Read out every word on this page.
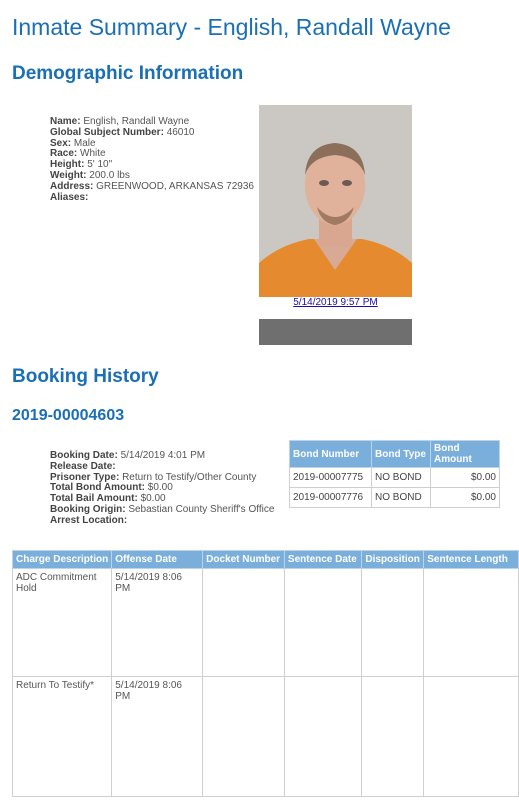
Inmate Summary - English, Randall Wayne
Demographic Information
Name: English, Randall Wayne
Global Subject Number: 46010
Sex: Male
Race: White
Height: 5' 10"
Weight: 200.0 lbs
Address: GREENWOOD, ARKANSAS 72936
Aliases:
5/14/2019 9:57 PM
Booking History
2019-00004603
Booking Date: 5/14/2019 4:01 PM
Release Date:
Prisoner Type: Return to Testify/Other County
Total Bond Amount: $0.00
Total Bail Amount: $0.00
Booking Origin: Sebastian County Sheriff's Office
Arrest Location:
Bond Number	Bond Type	Bond Amount
2019-00007775	NO BOND	$0.00
2019-00007776	NO BOND	$0.00
Charge Description	Offense Date	Docket Number	Sentence Date	Disposition	Sentence Length
ADC Commitment Hold	5/14/2019 8:06 PM				
Return To Testify*	5/14/2019 8:06 PM				
